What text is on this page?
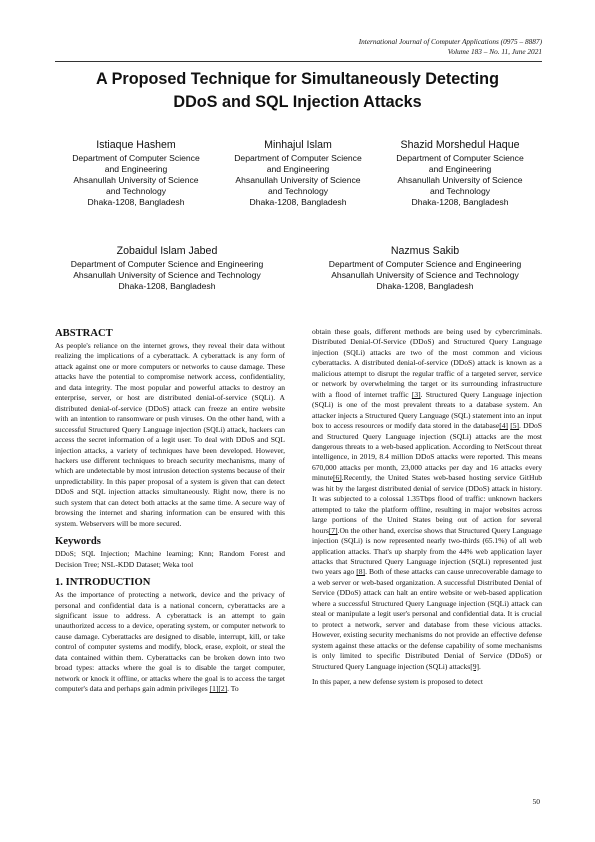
International Journal of Computer Applications (0975 – 8887)
Volume 183 – No. 11, June 2021
A Proposed Technique for Simultaneously Detecting
DDoS and SQL Injection Attacks
Istiaque Hashem
Department of Computer Science
and Engineering
Ahsanullah University of Science
and Technology
Dhaka-1208, Bangladesh
Minhajul Islam
Department of Computer Science
and Engineering
Ahsanullah University of Science
and Technology
Dhaka-1208, Bangladesh
Shazid Morshedul Haque
Department of Computer Science
and Engineering
Ahsanullah University of Science
and Technology
Dhaka-1208, Bangladesh
Zobaidul Islam Jabed
Department of Computer Science and Engineering
Ahsanullah University of Science and Technology
Dhaka-1208, Bangladesh
Nazmus Sakib
Department of Computer Science and Engineering
Ahsanullah University of Science and Technology
Dhaka-1208, Bangladesh
ABSTRACT

As people's reliance on the internet grows, they reveal their data without realizing the implications of a cyberattack. A cyberattack is any form of attack against one or more computers or networks to cause damage. These attacks have the potential to compromise network access, confidentiality, and data integrity. The most popular and powerful attacks to destroy an enterprise, server, or host are distributed denial-of-service (SQLi). A distributed denial-of-service (DDoS) attack can freeze an entire website with an intention to ransomware or push viruses. On the other hand, with a successful Structured Query Language injection (SQLi) attack, hackers can access the secret information of a legit user. To deal with DDoS and SQL injection attacks, a variety of techniques have been developed. However, hackers use different techniques to breach security mechanisms, many of which are undetectable by most intrusion detection systems because of their unpredictability. In this paper proposal of a system is given that can detect DDoS and SQL injection attacks simultaneously. Right now, there is no such system that can detect both attacks at the same time. A secure way of browsing the internet and sharing information can be ensured with this system. Webservers will be more secured.

Keywords

DDoS; SQL Injection; Machine learning; Knn; Random Forest and Decision Tree; NSL-KDD Dataset; Weka tool

1. INTRODUCTION

As the importance of protecting a network, device and the privacy of personal and confidential data is a national concern, cyberattacks are a significant issue to address. A cyberattack is an attempt to gain unauthorized access to a device, operating system, or computer network to cause damage. Cyberattacks are designed to disable, interrupt, kill, or take control of computer systems and modify, block, erase, exploit, or steal the data contained within them. Cyberattacks can be broken down into two broad types: attacks where the goal is to disable the target computer, network or knock it offline, or attacks where the goal is to access the target computer's data and perhaps gain admin privileges [1][2]. To

obtain these goals, different methods are being used by cybercriminals. Distributed Denial-Of-Service (DDoS) and Structured Query Language injection (SQLi) attacks are two of the most common and vicious cyberattacks. A distributed denial-of-service (DDoS) attack is known as a malicious attempt to disrupt the regular traffic of a targeted server, service or network by overwhelming the target or its surrounding infrastructure with a flood of internet traffic [3]. Structured Query Language injection (SQLi) is one of the most prevalent threats to a database system. An attacker injects a Structured Query Language (SQL) statement into an input box to access resources or modify data stored in the database[4] [5]. DDoS and Structured Query Language injection (SQLi) attacks are the most dangerous threats to a web-based application. According to NetScout threat intelligence, in 2019, 8.4 million DDoS attacks were reported. This means 670,000 attacks per month, 23,000 attacks per day and 16 attacks every minute[6].Recently, the United States web-based hosting service GitHub was hit by the largest distributed denial of service (DDoS) attack in history. It was subjected to a colossal 1.35Tbps flood of traffic: unknown hackers attempted to take the platform offline, resulting in major websites across large portions of the United States being out of action for several hours[7].On the other hand, exercise shows that Structured Query Language injection (SQLi) is now represented nearly two-thirds (65.1%) of all web application attacks. That's up sharply from the 44% web application layer attacks that Structured Query Language injection (SQLi) represented just two years ago [8]. Both of these attacks can cause unrecoverable damage to a web server or web-based organization. A successful Distributed Denial of Service (DDoS) attack can halt an entire website or web-based application where a successful Structured Query Language injection (SQLi) attack can steal or manipulate a legit user's personal and confidential data. It is crucial to protect a network, server and database from these vicious attacks. However, existing security mechanisms do not provide an effective defense system against these attacks or the defense capability of some mechanisms is only limited to specific Distributed Denial of Service (DDoS) or Structured Query Language injection (SQLi) attacks[9].

In this paper, a new defense system is proposed to detect

50
